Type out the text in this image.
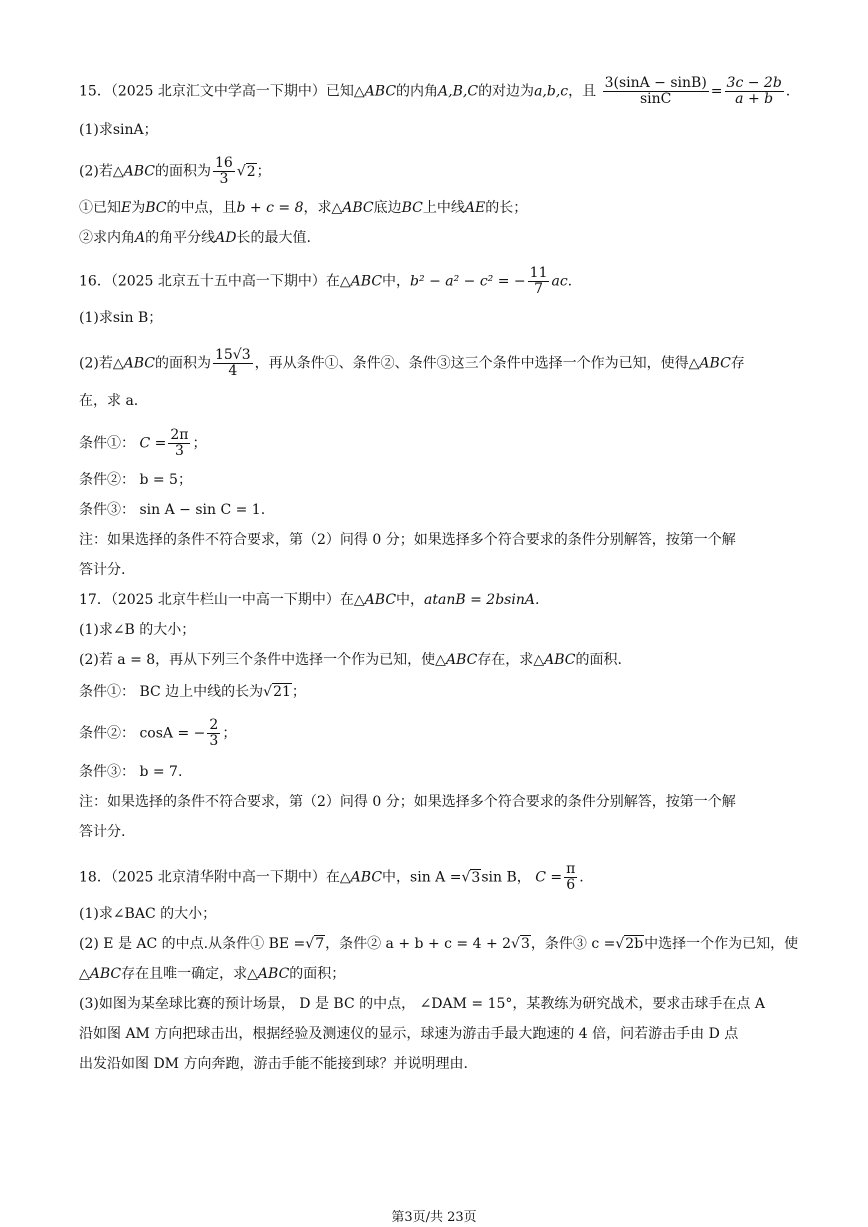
15．（2025 北京汇文中学高一下期中）已知△ABC的内角A,B,C的对边为a,b,c，且 $\frac{3(\sin A - \sin B)}{\sin C} = \frac{3c - 2b}{a + b}$ .
(1)求sinA；
(2)若△ABC的面积为 $\frac{16}{3} √2$；
①已知E为BC的中点，且b + c = 8，求△ABC底边BC上中线AE的长；
②求内角A的角平分线AD长的最大值.
16．（2025 北京五十五中高一下期中）在△ABC中，b² − a² − c² = − $\frac{11}{7}$ ac.
(1)求sin B；
(2)若△ABC的面积为 $\frac{15√3}{4}$ ，再从条件①、条件②、条件③这三个条件中选择一个作为已知，使得△ABC存
在，求 a.
条件①： $C = \frac{2\pi}{3}$ ；
条件②： b = 5；
条件③： sin A − sin C = 1.
注：如果选择的条件不符合要求，第（2）问得 0 分；如果选择多个符合要求的条件分别解答，按第一个解
答计分.
17．（2025 北京牛栏山一中高一下期中）在△ABC中，atanB = 2bsinA.
(1)求∠B 的大小；
(2)若 a = 8，再从下列三个条件中选择一个作为已知，使△ABC存在，求△ABC的面积.
条件①： BC 边上中线的长为√21；
条件②： cosA = − $\frac{2}{3}$ ；
条件③： b = 7.
注：如果选择的条件不符合要求，第（2）问得 0 分；如果选择多个符合要求的条件分别解答，按第一个解
答计分.
18．（2025 北京清华附中高一下期中）在△ABC中，sin A =√3sin B， $C = \frac{\pi}{6}$ .
(1)求∠BAC 的大小；
(2) E 是 AC 的中点.从条件① BE =√7，条件② a + b + c = 4 + 2√3，条件③ c =√2b中选择一个作为已知，使
△ABC存在且唯一确定，求△ABC的面积；
(3)如图为某垒球比赛的预计场景， D 是 BC 的中点， ∠DAM = 15°，某教练为研究战术，要求击球手在点 A
沿如图 AM 方向把球击出，根据经验及测速仪的显示，球速为游击手最大跑速的 4 倍，问若游击手由 D 点
出发沿如图 DM 方向奔跑，游击手能不能接到球？并说明理由.
第3页/共 23页
